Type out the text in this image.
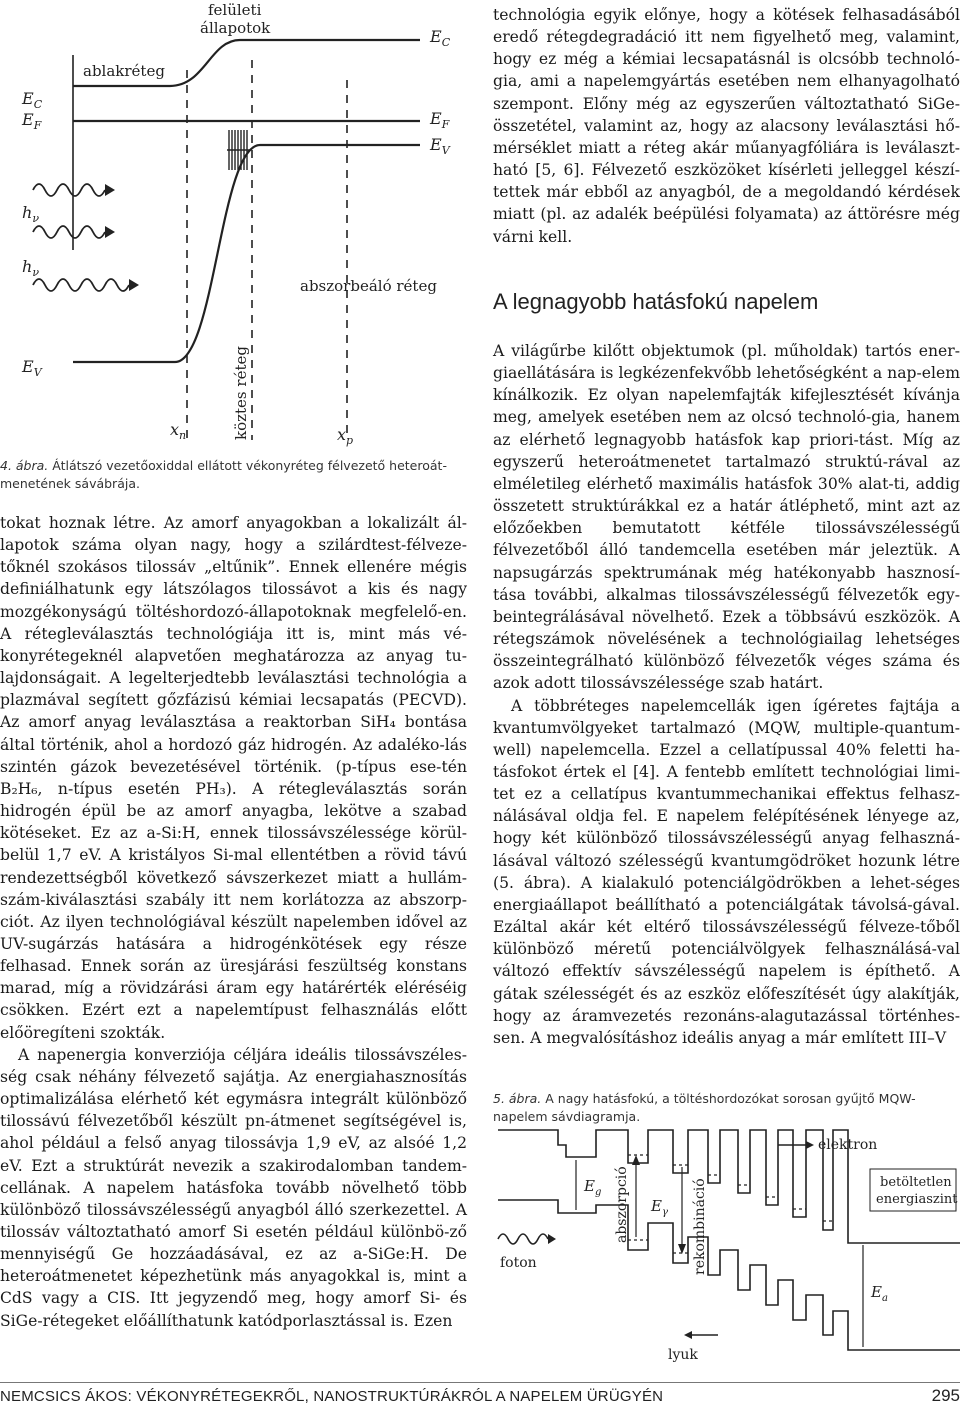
ablakréteg
felületi
állapotok
$E_C$
$E_F$
$E_C$
$E_F$
$E_V$
$h_\nu$
$h_\nu$
abszorbeáló réteg
$E_V$
$x_n$	$x_p$
köztes réteg
4. ábra. Átlátszó vezetőoxiddal ellátott vékonyréteg félvezető heteroát-menetének sávábrája.

tokat hoznak létre. Az amorf anyagokban a lokalizált ál-lapotok száma olyan nagy, hogy a szilárdtest-félveze-tőknél szokásos tilossáv „eltűnik”. Ennek ellenére mégis definiálhatunk egy látszólagos tilossávot a kis és nagy mozgékonyságú töltéshordozó-állapotoknak megfelelő-en. A rétegleválasztás technológiája itt is, mint más vé-konyrétegeknél alapvetően meghatározza az anyag tu-lajdonságait. A legelterjedtebb leválasztási technológia a plazmával segített gőzfázisú kémiai lecsapatás (PECVD). Az amorf anyag leválasztása a reaktorban SiH₄ bontása által történik, ahol a hordozó gáz hidrogén. Az adaléko-lás szintén gázok bevezetésével történik. (p-típus ese-tén B₂H₆, n-típus esetén PH₃). A rétegleválasztás során hidrogén épül be az amorf anyagba, lekötve a szabad kötéseket. Ez az a-Si:H, ennek tilossávszélessége körül-belül 1,7 eV. A kristályos Si-mal ellentétben a rövid távú rendezettségből következő sávszerkezet miatt a hullám-szám-kiválasztási szabály itt nem korlátozza az abszorp-ciót. Az ilyen technológiával készült napelemben idővel az UV-sugárzás hatására a hidrogénkötések egy része felhasad. Ennek során az üresjárási feszültség konstans marad, míg a rövidzárási áram egy határérték eléréséig csökken. Ezért ezt a napelemtípust felhasználás előtt előöregíteni szokták.

A napenergia konverziója céljára ideális tilossávszéles-ség csak néhány félvezető sajátja. Az energiahasznosítás optimalizálása elérhető két egymásra integrált különböző tilossávú félvezetőből készült pn-átmenet segítségével is, ahol például a felső anyag tilossávja 1,9 eV, az alsóé 1,2 eV. Ezt a struktúrát nevezik a szakirodalomban tandem-cellának. A napelem hatásfoka tovább növelhető több különböző tilossávszélességű anyagból álló szerkezettel. A tilossáv változtatható amorf Si esetén például különbö-ző mennyiségű Ge hozzáadásával, ez az a-SiGe:H. De heteroátmenetet képezhetünk más anyagokkal is, mint a CdS vagy a CIS. Itt jegyzendő meg, hogy amorf Si- és SiGe-rétegeket előállíthatunk katódporlasztással is. Ezen

technológia egyik előnye, hogy a kötések felhasadásából eredő rétegdegradáció itt nem figyelhető meg, valamint, hogy ez még a kémiai lecsapatásnál is olcsóbb technoló-gia, ami a napelemgyártás esetében nem elhanyagolható szempont. Előny még az egyszerűen változtatható SiGe-összetétel, valamint az, hogy az alacsony leválasztási hő-mérséklet miatt a réteg akár műanyagfóliára is leválaszt-ható [5, 6]. Félvezető eszközöket kísérleti jelleggel készí-tettek már ebből az anyagból, de a megoldandó kérdések miatt (pl. az adalék beépülési folyamata) az áttörésre még várni kell.

A legnagyobb hatásfokú napelem

A világűrbe kilőtt objektumok (pl. műholdak) tartós ener-giaellátására is legkézenfekvőbb lehetőségként a nap-elem kínálkozik. Ez olyan napelemfajták kifejlesztését kívánja meg, amelyek esetében nem az olcsó technoló-gia, hanem az elérhető legnagyobb hatásfok kap priori-tást. Míg az egyszerű heteroátmenetet tartalmazó struktú-rával az elméletileg elérhető maximális hatásfok 30% alat-ti, addig összetett struktúrákkal ez a határ átléphető, mint azt az előzőekben bemutatott kétféle tilossávszélességű félvezetőből álló tandemcella esetében már jeleztük. A napsugárzás spektrumának még hatékonyabb hasznosí-tása további, alkalmas tilossávszélességű félvezetők egy-beintegrálásával növelhető. Ezek a többsávú eszközök. A rétegszámok növelésének a technológiailag lehetséges összeintegrálható különböző félvezetők véges száma és azok adott tilossávszélessége szab határt.

A többréteges napelemcellák igen ígéretes fajtája a kvantumvölgyeket tartalmazó (MQW, multiple-quantum-well) napelemcella. Ezzel a cellatípussal 40% feletti ha-tásfokot értek el [4]. A fentebb említett technológiai limi-tet ez a cellatípus kvantummechanikai effektus felhasz-nálásával oldja fel. E napelem felépítésének lényege az, hogy két különböző tilossávszélességű anyag felhaszná-lásával változó szélességű kvantumgödröket hozunk létre (5. ábra). A kialakuló potenciálgödrökben a lehet-séges energiaállapot beállítható a potenciálgátak távolsá-gával. Ezáltal akár két eltérő tilossávszélességű félveze-tőből különböző méretű potenciálvölgyek felhasználásá-val változó effektív sávszélességű napelem is építhető. A gátak szélességét és az eszköz előfeszítését úgy alakítják, hogy az áramvezetés rezonáns-alagutazással történhes-sen. A megvalósításhoz ideális anyag a már említett III–V

5. ábra. A nagy hatásfokú, a töltéshordozókat sorosan gyűjtő MQW-napelem sávdiagramja.
elektron
betöltetlen
energiaszint
foton
$E_g$ abszorpció $E_\gamma$ rekombináció
$E_a$
lyuk
NEMCSICS ÁKOS: VÉKONYRÉTEGEKRŐL, NANOSTRUKTÚRÁKRÓL A NAPELEM ÜRÜGYÉN	295
